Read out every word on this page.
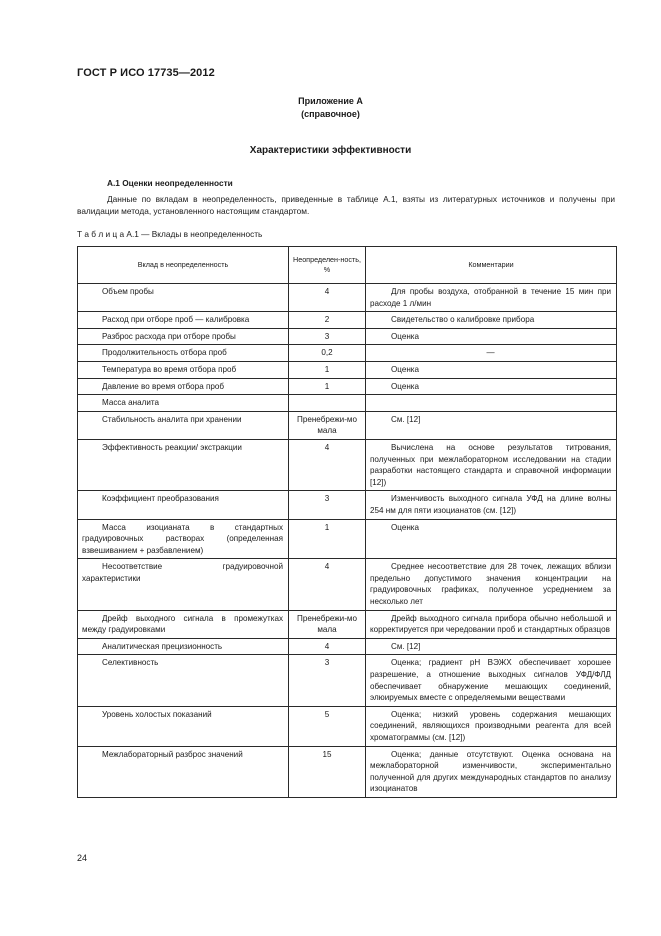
ГОСТ Р ИСО 17735—2012
Приложение А
(справочное)
Характеристики эффективности
А.1 Оценки неопределенности
Данные по вкладам в неопределенность, приведенные в таблице А.1, взяты из литературных источников и получены при валидации метода, установленного настоящим стандартом.
Т а б л и ц а А.1 — Вклады в неопределенность
Вклад в неопределенность	Неопределен-ность, %	Комментарии
Объем пробы	4	Для пробы воздуха, отобранной в течение 15 мин при расходе 1 л/мин
Расход при отборе проб — калибровка	2	Свидетельство о калибровке прибора
Разброс расхода при отборе пробы	3	Оценка
Продолжительность отбора проб	0,2	—
Температура во время отбора проб	1	Оценка
Давление во время отбора проб	1	Оценка
Масса аналита		
Стабильность аналита при хранении	Пренебрежи-мо мала	См. [12]
Эффективность реакции/ экстракции	4	Вычислена на основе результатов титрования, полученных при межлабораторном исследовании на стадии разработки настоящего стандарта и справочной информации [12])
Коэффициент преобразования	3	Изменчивость выходного сигнала УФД на длине волны 254 нм для пяти изоцианатов (см. [12])
Масса изоцианата в стандартных градуировочных растворах (определенная взвешиванием + разбавлением)	1	Оценка
Несоответствие градуировочной характеристики	4	Среднее несоответствие для 28 точек, лежащих вблизи предельно допустимого значения концентрации на градуировочных графиках, полученное усреднением за несколько лет
Дрейф выходного сигнала в промежутках между градуировками	Пренебрежи-мо мала	Дрейф выходного сигнала прибора обычно небольшой и корректируется при чередовании проб и стандартных образцов
Аналитическая прецизионность	4	См. [12]
Селективность	3	Оценка; градиент pH ВЭЖХ обеспечивает хорошее разрешение, а отношение выходных сигналов УФД/ФЛД обеспечивает обнаружение мешающих соединений, элюируемых вместе с определяемыми веществами
Уровень холостых показаний	5	Оценка; низкий уровень содержания мешающих соединений, являющихся производными реагента для всей хроматограммы (см. [12])
Межлабораторный разброс значений	15	Оценка; данные отсутствуют. Оценка основана на межлабораторной изменчивости, экспериментально полученной для других международных стандартов по анализу изоцианатов
24
